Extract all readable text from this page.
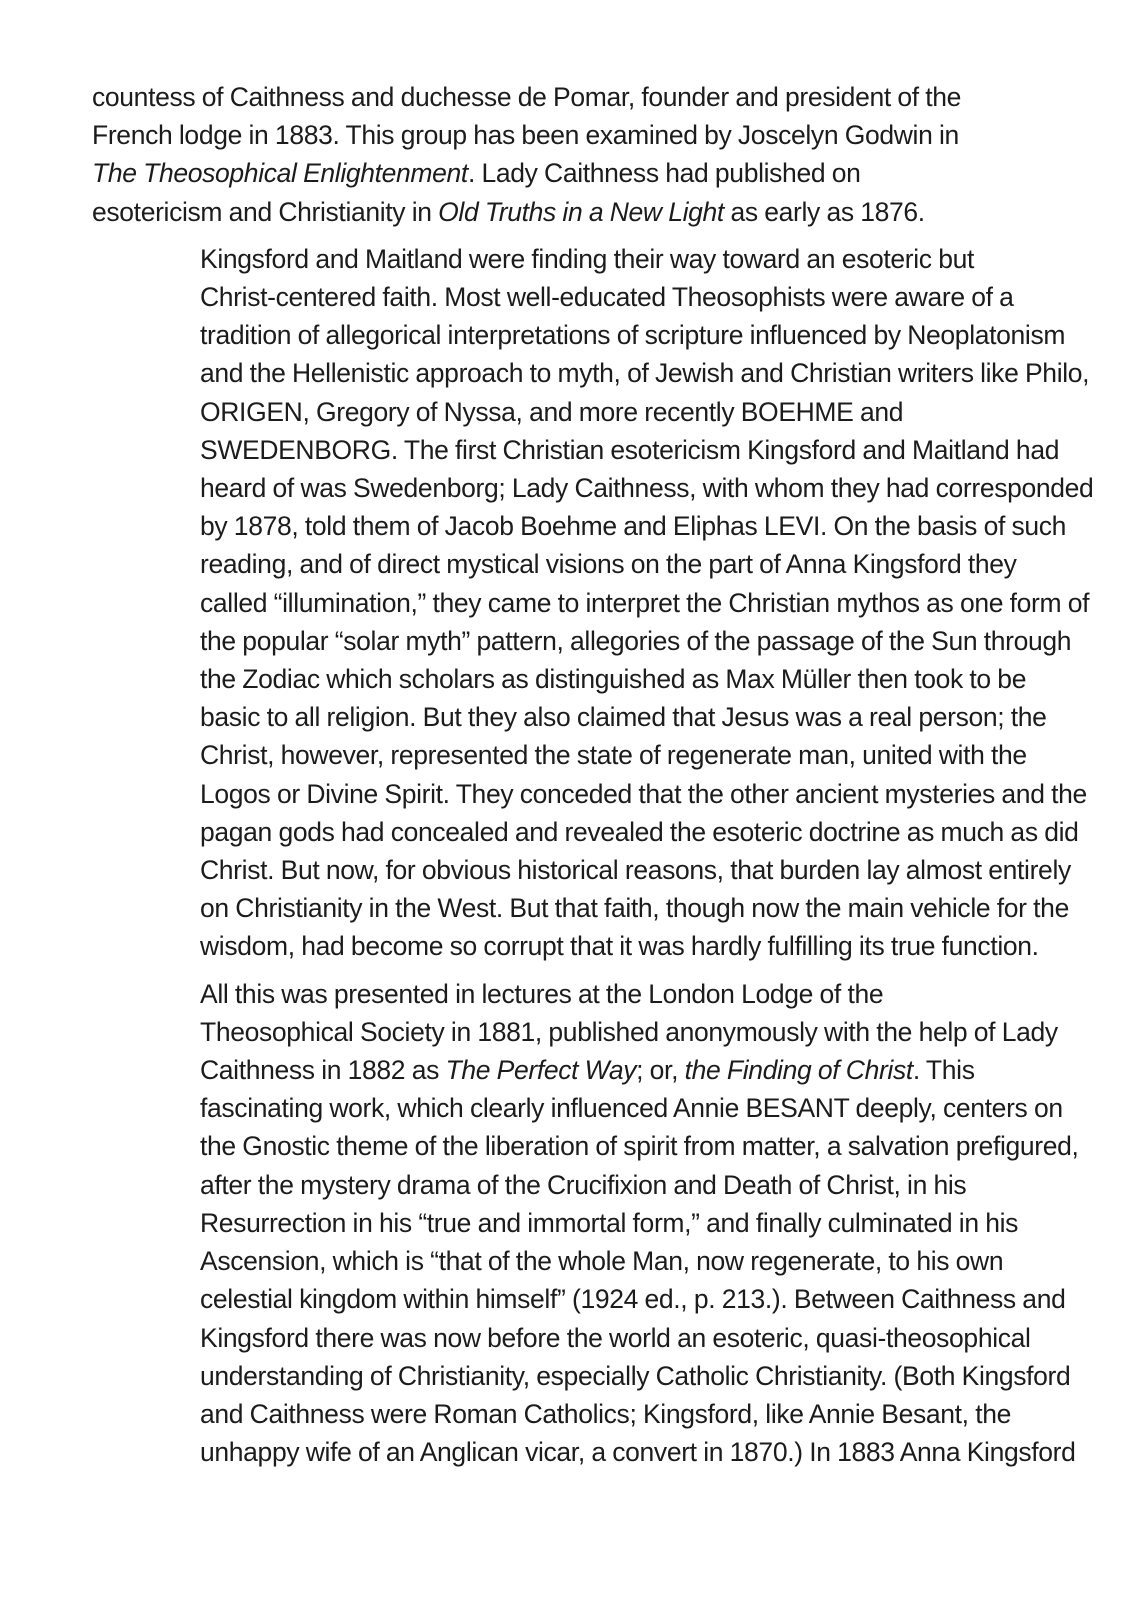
countess of Caithness and duchesse de Pomar, founder and president of the
French lodge in 1883. This group has been examined by Joscelyn Godwin in
The Theosophical Enlightenment. Lady Caithness had published on
esotericism and Christianity in Old Truths in a New Light as early as 1876.

Kingsford and Maitland were finding their way toward an esoteric but
Christ-centered faith. Most well-educated Theosophists were aware of a
tradition of allegorical interpretations of scripture influenced by Neoplatonism
and the Hellenistic approach to myth, of Jewish and Christian writers like Philo,
ORIGEN, Gregory of Nyssa, and more recently BOEHME and
SWEDENBORG. The first Christian esotericism Kingsford and Maitland had
heard of was Swedenborg; Lady Caithness, with whom they had corresponded
by 1878, told them of Jacob Boehme and Eliphas LEVI. On the basis of such
reading, and of direct mystical visions on the part of Anna Kingsford they
called “illumination,” they came to interpret the Christian mythos as one form of
the popular “solar myth” pattern, allegories of the passage of the Sun through
the Zodiac which scholars as distinguished as Max Müller then took to be
basic to all religion. But they also claimed that Jesus was a real person; the
Christ, however, represented the state of regenerate man, united with the
Logos or Divine Spirit. They conceded that the other ancient mysteries and the
pagan gods had concealed and revealed the esoteric doctrine as much as did
Christ. But now, for obvious historical reasons, that burden lay almost entirely
on Christianity in the West. But that faith, though now the main vehicle for the
wisdom, had become so corrupt that it was hardly fulfilling its true function.

All this was presented in lectures at the London Lodge of the
Theosophical Society in 1881, published anonymously with the help of Lady
Caithness in 1882 as The Perfect Way; or, the Finding of Christ. This
fascinating work, which clearly influenced Annie BESANT deeply, centers on
the Gnostic theme of the liberation of spirit from matter, a salvation prefigured,
after the mystery drama of the Crucifixion and Death of Christ, in his
Resurrection in his “true and immortal form,” and finally culminated in his
Ascension, which is “that of the whole Man, now regenerate, to his own
celestial kingdom within himself” (1924 ed., p. 213.). Between Caithness and
Kingsford there was now before the world an esoteric, quasi-theosophical
understanding of Christianity, especially Catholic Christianity. (Both Kingsford
and Caithness were Roman Catholics; Kingsford, like Annie Besant, the
unhappy wife of an Anglican vicar, a convert in 1870.) In 1883 Anna Kingsford
